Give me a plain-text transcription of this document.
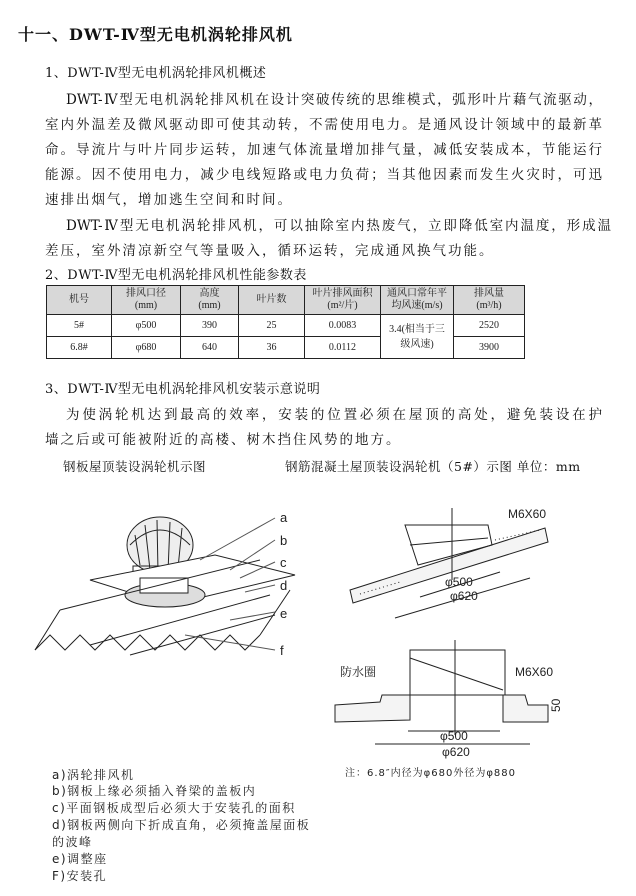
十一、DWT-Ⅳ型无电机涡轮排风机
1、DWT-Ⅳ型无电机涡轮排风机概述
DWT-Ⅳ型无电机涡轮排风机在设计突破传统的思维模式，弧形叶片藉气流驱动，
室内外温差及微风驱动即可使其动转，不需使用电力。是通风设计领域中的最新革
命。导流片与叶片同步运转，加速气体流量增加排气量，减低安装成本，节能运行
能源。因不使用电力，减少电线短路或电力负荷；当其他因素而发生火灾时，可迅
速排出烟气，增加逃生空间和时间。
DWT-Ⅳ型无电机涡轮排风机，可以抽除室内热废气，立即降低室内温度，形成温
差压，室外清凉新空气等量吸入，循环运转，完成通风换气功能。
2、DWT-Ⅳ型无电机涡轮排风机性能参数表
机号	排风口径
(mm)	高度
(mm)	叶片数	叶片排风面积
(m²/片)	通风口常年平
均风速(m/s)	排风量
(m³/h)
5#	φ500	390	25	0.0083	3.4(相当于三级风速)	2520
6.8#	φ680	640	36	0.0112		3900
3、DWT-Ⅳ型无电机涡轮排风机安装示意说明
为使涡轮机达到最高的效率，安装的位置必须在屋顶的高处，避免装设在护
墙之后或可能被附近的高楼、树木挡住风势的地方。
钢板屋顶装设涡轮机示图	钢筋混凝土屋顶装设涡轮机（5#）示图 单位：mm
a
b
c
d
e
f
M6X60
φ500
φ620
防水圈	M6X60
φ500
φ620
50
a)涡轮排风机
b)钢板上缘必须插入脊梁的盖板内
c)平面钢板成型后必须大于安装孔的面积
d)钢板两侧向下折成直角，必须掩盖屋面板
的波峰
e)调整座
F)安装孔
注：6.8″内径为φ680外径为φ880
